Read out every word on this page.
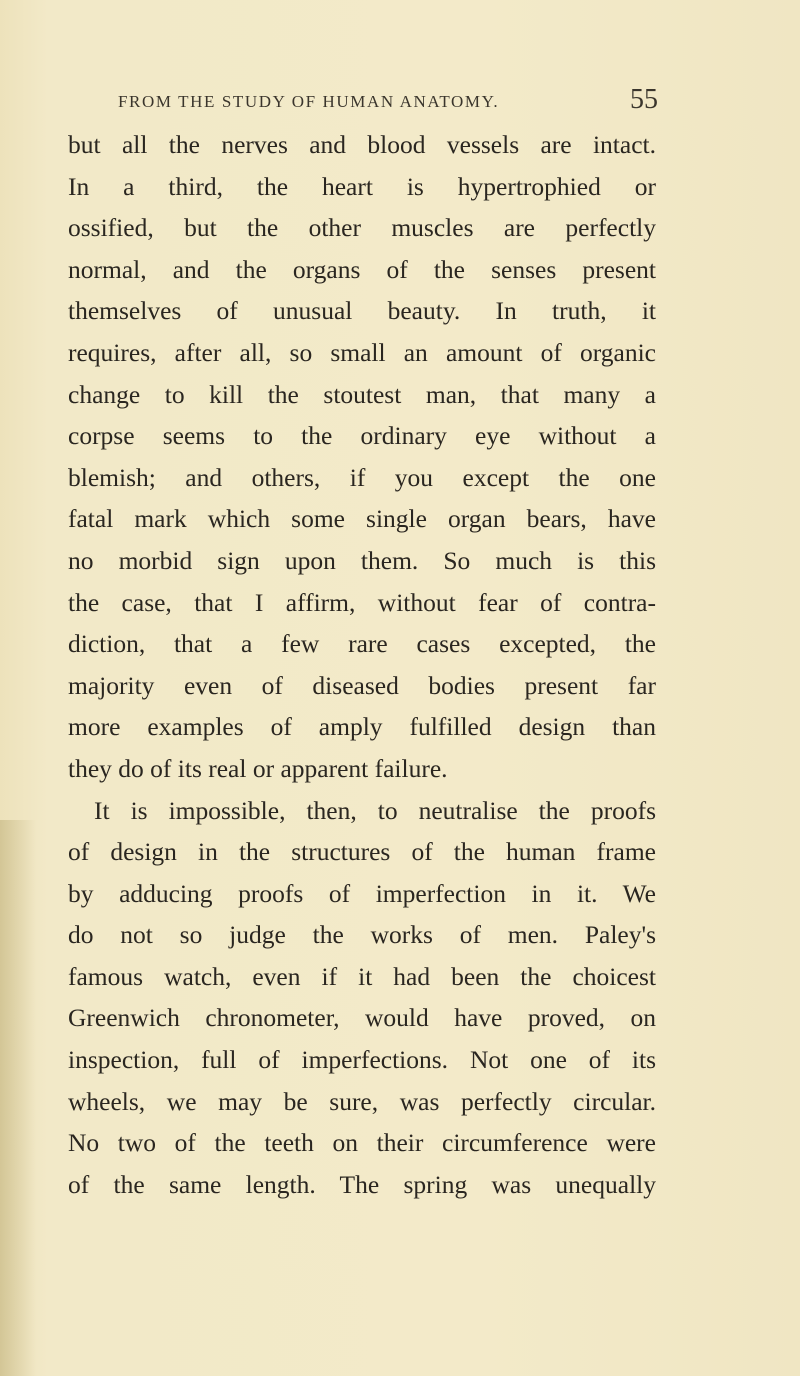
FROM THE STUDY OF HUMAN ANATOMY.	55
but all the nerves and blood vessels are intact.
In a third, the heart is hypertrophied or
ossified, but the other muscles are perfectly
normal, and the organs of the senses present
themselves of unusual beauty. In truth, it
requires, after all, so small an amount of organic
change to kill the stoutest man, that many a
corpse seems to the ordinary eye without a
blemish; and others, if you except the one
fatal mark which some single organ bears, have
no morbid sign upon them. So much is this
the case, that I affirm, without fear of contra-
diction, that a few rare cases excepted, the
majority even of diseased bodies present far
more examples of amply fulfilled design than
they do of its real or apparent failure.
It is impossible, then, to neutralise the proofs
of design in the structures of the human frame
by adducing proofs of imperfection in it. We
do not so judge the works of men. Paley's
famous watch, even if it had been the choicest
Greenwich chronometer, would have proved, on
inspection, full of imperfections. Not one of its
wheels, we may be sure, was perfectly circular.
No two of the teeth on their circumference were
of the same length. The spring was unequally
